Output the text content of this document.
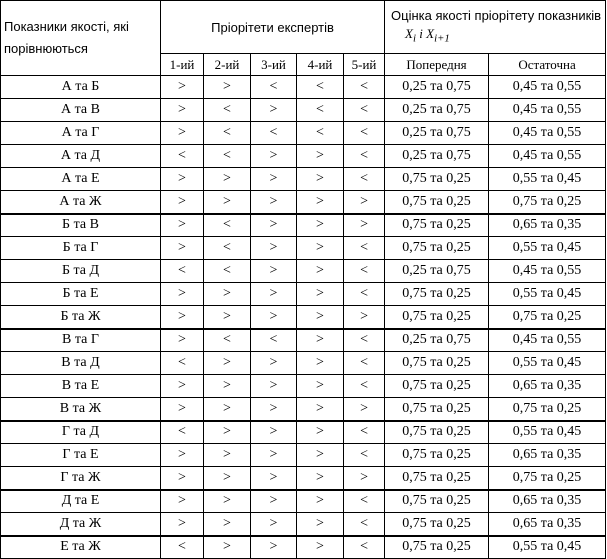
Показники якості, які порівнюються	Пріорітети експертів					Оцінка якості пріорітету показників $X_i$ і $X_{i+1}$
	1-ий	2-ий	3-ий	4-ий	5-ий	Попередня	Остаточна
А та Б	>	>	<	<	<	0,25 та 0,75	0,45 та 0,55
А та В	>	<	>	<	<	0,25 та 0,75	0,45 та 0,55
А та Г	>	<	<	<	<	0,25 та 0,75	0,45 та 0,55
А та Д	<	<	>	>	<	0,25 та 0,75	0,45 та 0,55
А та Е	>	>	>	>	<	0,75 та 0,25	0,55 та 0,45
А та Ж	>	>	>	>	>	0,75 та 0,25	0,75 та 0,25
Б та В	>	<	>	>	>	0,75 та 0,25	0,65 та 0,35
Б та Г	>	<	>	>	<	0,75 та 0,25	0,55 та 0,45
Б та Д	<	<	>	>	<	0,25 та 0,75	0,45 та 0,55
Б та Е	>	>	>	>	<	0,75 та 0,25	0,55 та 0,45
Б та Ж	>	>	>	>	>	0,75 та 0,25	0,75 та 0,25
В та Г	>	<	<	>	<	0,25 та 0,75	0,45 та 0,55
В та Д	<	>	>	>	<	0,75 та 0,25	0,55 та 0,45
В та Е	>	>	>	>	<	0,75 та 0,25	0,65 та 0,35
В та Ж	>	>	>	>	>	0,75 та 0,25	0,75 та 0,25
Г та Д	<	>	>	>	<	0,75 та 0,25	0,55 та 0,45
Г та Е	>	>	>	>	<	0,75 та 0,25	0,65 та 0,35
Г та Ж	>	>	>	>	>	0,75 та 0,25	0,75 та 0,25
Д та Е	>	>	>	>	<	0,75 та 0,25	0,65 та 0,35
Д та Ж	>	>	>	>	<	0,75 та 0,25	0,65 та 0,35
Е та Ж	<	>	>	>	<	0,75 та 0,25	0,55 та 0,45
